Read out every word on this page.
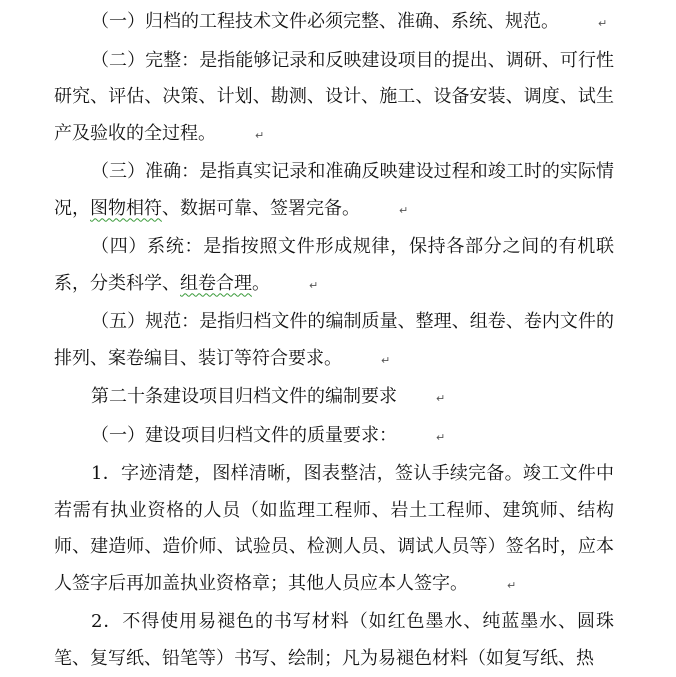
（一）归档的工程技术文件必须完整、准确、系统、规范。	↵

（二）完整：是指能够记录和反映建设项目的提出、调研、可行性研究、评估、决策、计划、勘测、设计、施工、设备安装、调度、试生产及验收的全过程。	↵

（三）准确：是指真实记录和准确反映建设过程和竣工时的实际情况，图物相符、数据可靠、签署完备。	↵

（四）系统：是指按照文件形成规律，保持各部分之间的有机联系，分类科学、组卷合理。	↵

（五）规范：是指归档文件的编制质量、整理、组卷、卷内文件的排列、案卷编目、装订等符合要求。	↵

第二十条建设项目归档文件的编制要求	↵

（一）建设项目归档文件的质量要求：	↵

1．字迹清楚，图样清晰，图表整洁，签认手续完备。竣工文件中若需有执业资格的人员（如监理工程师、岩土工程师、建筑师、结构师、建造师、造价师、试验员、检测人员、调试人员等）签名时，应本人签字后再加盖执业资格章；其他人员应本人签字。	↵

2．不得使用易褪色的书写材料（如红色墨水、纯蓝墨水、圆珠笔、复写纸、铅笔等）书写、绘制；凡为易褪色材料（如复写纸、热
